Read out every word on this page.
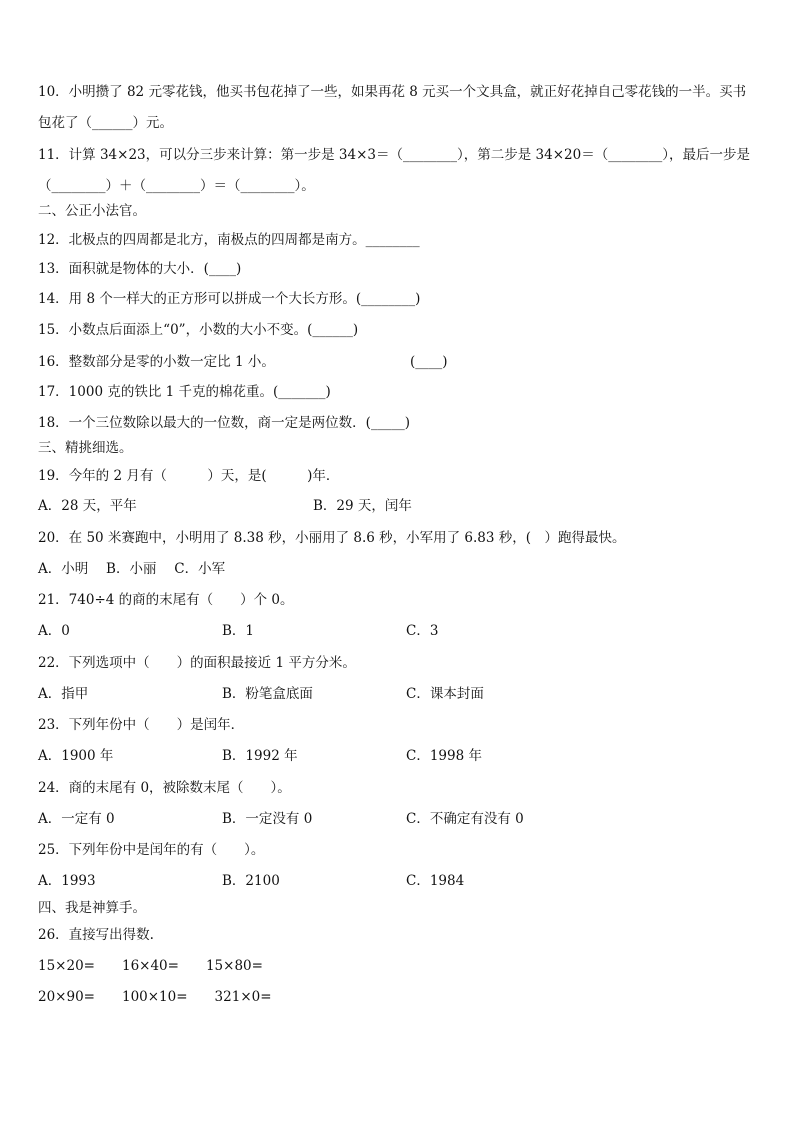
10．小明攒了 82 元零花钱，他买书包花掉了一些，如果再花 8 元买一个文具盒，就正好花掉自己零花钱的一半。买书
包花了（______）元。
11．计算 34×23，可以分三步来计算：第一步是 34×3＝（________），第二步是 34×20＝（________），最后一步是
（________）＋（________）＝（________）。
二、公正小法官。
12．北极点的四周都是北方，南极点的四周都是南方。________
13．面积就是物体的大小．(____)
14．用 8 个一样大的正方形可以拼成一个大长方形。(________)
15．小数点后面添上“0”，小数的大小不变。(______)
16．整数部分是零的小数一定比 1 小。	(____)
17．1000 克的铁比 1 千克的棉花重。(_______)
18．一个三位数除以最大的一位数，商一定是两位数．(_____)
三、精挑细选。
19．今年的 2 月有（　　　）天，是(　　　)年．
A．28 天，平年	B．29 天，闰年
20．在 50 米赛跑中，小明用了 8.38 秒，小丽用了 8.6 秒，小军用了 6.83 秒，(　）跑得最快。
A．小明　 B．小丽　 C．小军
21．740÷4 的商的末尾有（　　）个 0。
A．0	B．1	C．3
22．下列选项中（　　）的面积最接近 1 平方分米。
A．指甲	B．粉笔盒底面	C．课本封面
23．下列年份中（　　）是闰年．
A．1900 年	B．1992 年	C．1998 年
24．商的末尾有 0，被除数末尾（　　）。
A．一定有 0	B．一定没有 0	C．不确定有没有 0
25．下列年份中是闰年的有（　　）。
A．1993	B．2100	C．1984
四、我是神算手。
26．直接写出得数.
15×20=　　16×40=　　15×80=
20×90=　　100×10=　　321×0=
